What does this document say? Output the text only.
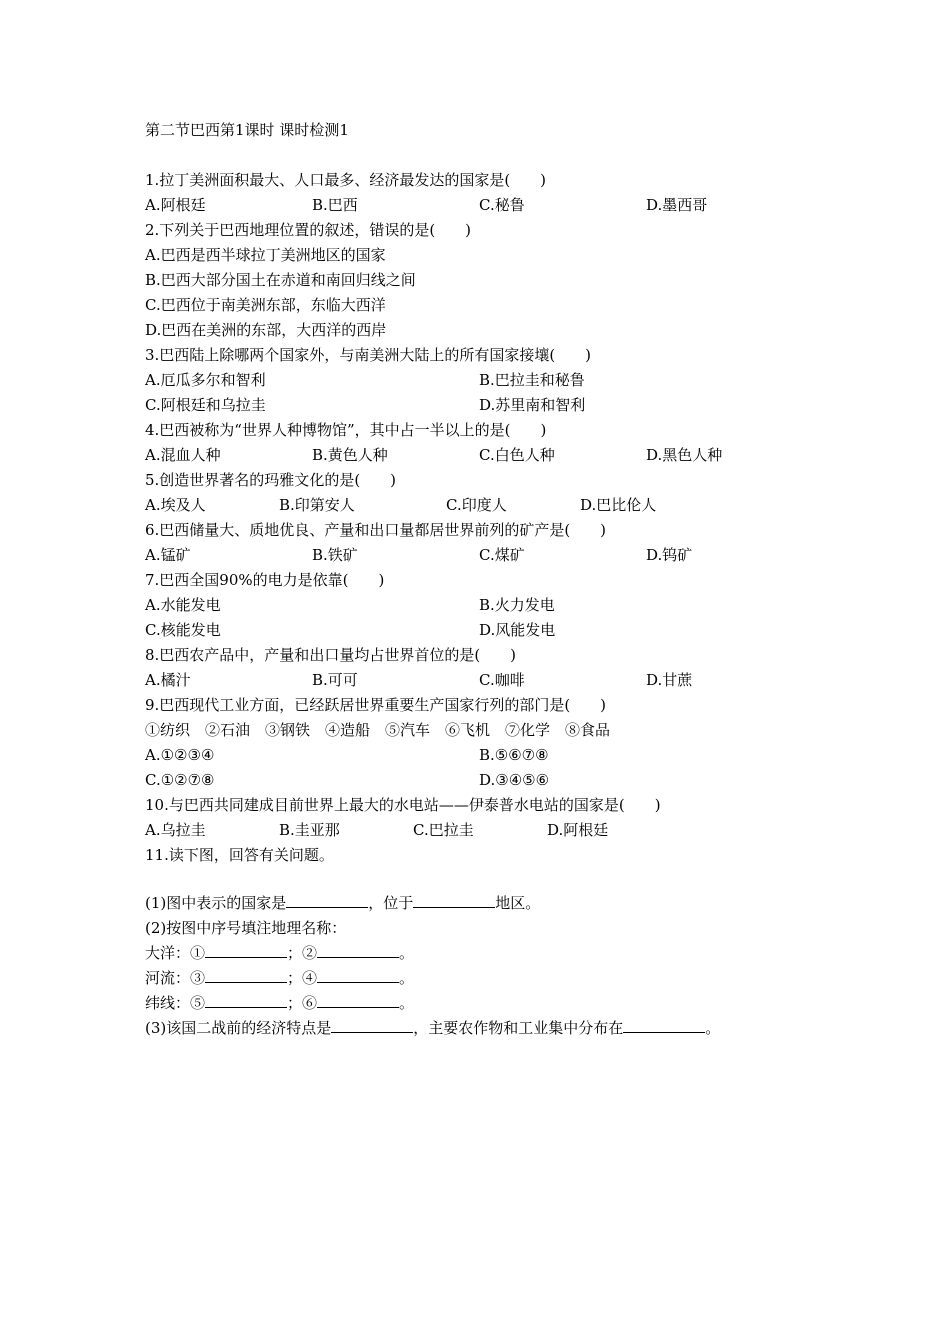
第二节巴西第1课时 课时检测1
1.拉丁美洲面积最大、人口最多、经济最发达的国家是(　　)
A.阿根廷	B.巴西	C.秘鲁	D.墨西哥
2.下列关于巴西地理位置的叙述，错误的是(　　)
A.巴西是西半球拉丁美洲地区的国家
B.巴西大部分国土在赤道和南回归线之间
C.巴西位于南美洲东部，东临大西洋
D.巴西在美洲的东部，大西洋的西岸
3.巴西陆上除哪两个国家外，与南美洲大陆上的所有国家接壤(　　)
A.厄瓜多尔和智利	B.巴拉圭和秘鲁
C.阿根廷和乌拉圭	D.苏里南和智利
4.巴西被称为“世界人种博物馆”，其中占一半以上的是(　　)
A.混血人种	B.黄色人种	C.白色人种	D.黑色人种
5.创造世界著名的玛雅文化的是(　　)
A.埃及人	B.印第安人	C.印度人	D.巴比伦人
6.巴西储量大、质地优良、产量和出口量都居世界前列的矿产是(　　)
A.锰矿	B.铁矿	C.煤矿	D.钨矿
7.巴西全国90%的电力是依靠(　　)
A.水能发电	B.火力发电
C.核能发电	D.风能发电
8.巴西农产品中，产量和出口量均占世界首位的是(　　)
A.橘汁	B.可可	C.咖啡	D.甘蔗
9.巴西现代工业方面，已经跃居世界重要生产国家行列的部门是(　　)
①纺织　②石油　③钢铁　④造船　⑤汽车　⑥飞机　⑦化学　⑧食品
A.①②③④	B.⑤⑥⑦⑧
C.①②⑦⑧	D.③④⑤⑥
10.与巴西共同建成目前世界上最大的水电站——伊泰普水电站的国家是(　　)
A.乌拉圭	B.圭亚那	C.巴拉圭	D.阿根廷
11.读下图，回答有关问题。
(1)图中表示的国家是	，位于	地区。
(2)按图中序号填注地理名称：
大洋：①	；②	。
河流：③	；④	。
纬线：⑤	；⑥	。
(3)该国二战前的经济特点是	，主要农作物和工业集中分布在	。
